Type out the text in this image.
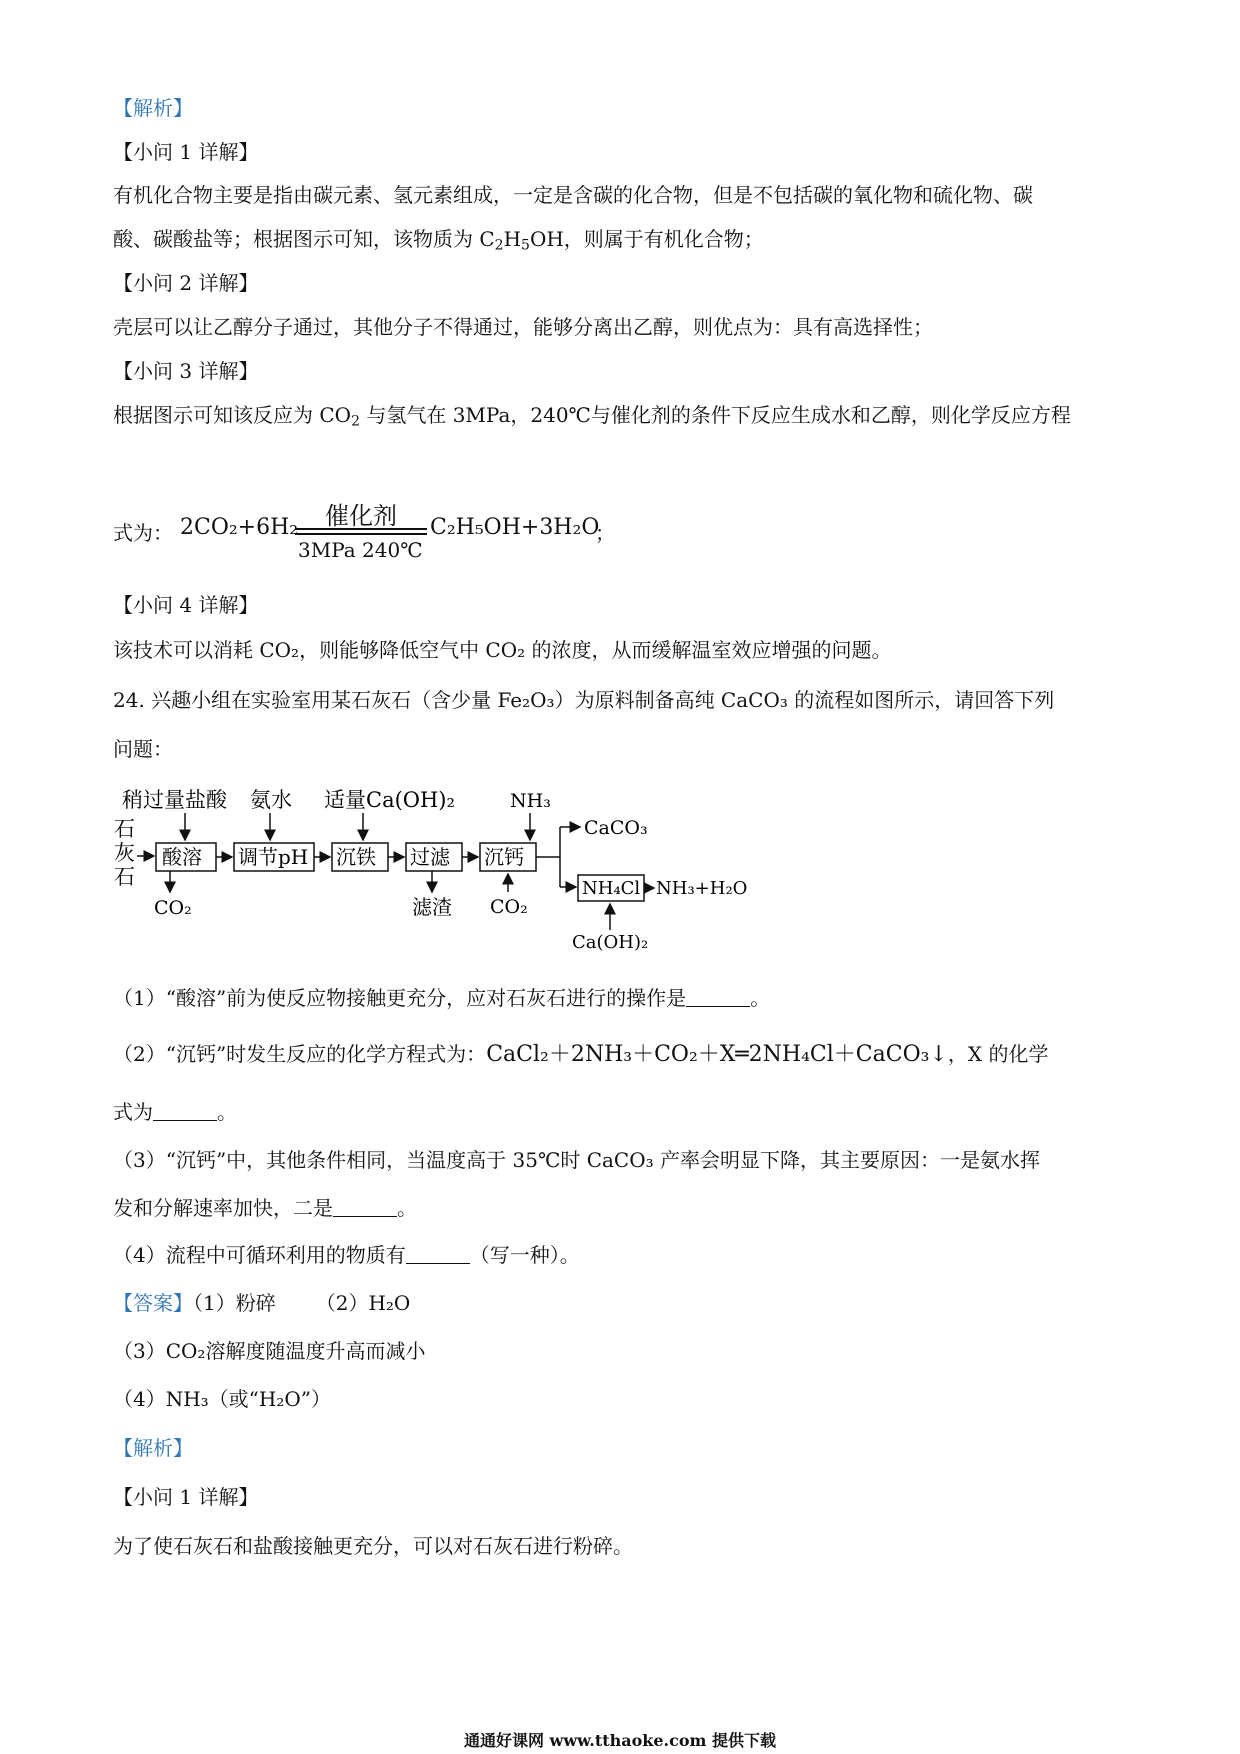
【解析】
【小问 1 详解】
有机化合物主要是指由碳元素、氢元素组成，一定是含碳的化合物，但是不包括碳的氧化物和硫化物、碳
酸、碳酸盐等；根据图示可知，该物质为 $C_2H_5OH$，则属于有机化合物；
【小问 2 详解】
壳层可以让乙醇分子通过，其他分子不得通过，能够分离出乙醇，则优点为：具有高选择性；
【小问 3 详解】
根据图示可知该反应为 $CO_2$ 与氢气在 3MPa，240℃与催化剂的条件下反应生成水和乙醇，则化学反应方程
式为： 2CO₂+6H₂ 催化剂
3MPa 240℃
C₂H₅OH+3H₂O
；
【小问 4 详解】
该技术可以消耗 CO₂，则能够降低空气中 CO₂ 的浓度，从而缓解温室效应增强的问题。
24. 兴趣小组在实验室用某石灰石（含少量 Fe₂O₃）为原料制备高纯 CaCO₃ 的流程如图所示，请回答下列
问题：
石
灰
石
稍过量盐酸 氨水 适量Ca(OH)₂	NH₃
酸溶 调节pH 沉铁 过滤 沉钙
CaCO₃
NH₄Cl NH₃+H₂O
Ca(OH)₂
CO₂	滤渣 CO₂
（1）“酸溶”前为使反应物接触更充分，应对石灰石进行的操作是	。
（2）“沉钙”时发生反应的化学方程式为：CaCl₂＋2NH₃＋CO₂＋X═2NH₄Cl＋CaCO₃↓，X 的化学
式为	。
（3）“沉钙”中，其他条件相同，当温度高于 35℃时 CaCO₃ 产率会明显下降，其主要原因：一是氨水挥
发和分解速率加快，二是	。
（4）流程中可循环利用的物质有	（写一种）。
【答案】（1）粉碎 （2）H₂O
（3）CO₂溶解度随温度升高而减小
（4）NH₃（或“H₂O”）
【解析】
【小问 1 详解】
为了使石灰石和盐酸接触更充分，可以对石灰石进行粉碎。
通通好课网 www.tthaoke.com 提供下载
